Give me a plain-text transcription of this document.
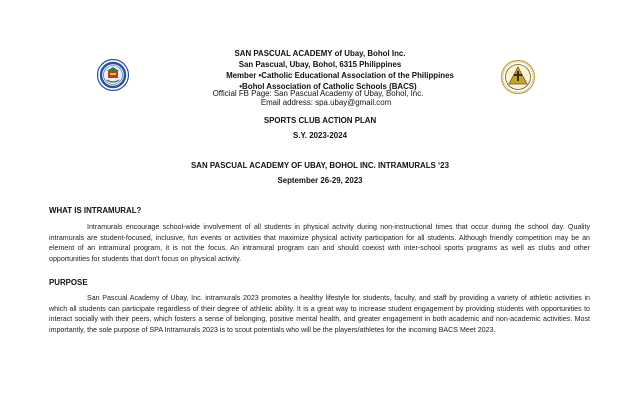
SAN PASCUAL ACADEMY of Ubay, Bohol Inc.
San Pascual, Ubay, Bohol, 6315 Philippines
Member •Catholic Educational Association of the Philippines
•Bohol Association of Catholic Schools (BACS)
Official FB Page: San Pascual Academy of Ubay, Bohol, Inc.
Email address: spa.ubay@gmail.com
SPORTS CLUB ACTION PLAN
S.Y. 2023-2024
SAN PASCUAL ACADEMY OF UBAY, BOHOL INC. INTRAMURALS ‘23
September 26-29, 2023
WHAT IS INTRAMURAL?
Intramurals encourage school-wide involvement of all students in physical activity during non-instructional times that occur during the school day. Quality intramurals are student-focused, inclusive, fun events or activities that maximize physical activity participation for all students. Although friendly competition may be an element of an intramural program, it is not the focus. An intramural program can and should coexist with inter-school sports programs as well as clubs and other opportunities for students that don't focus on physical activity.
PURPOSE
San Pascual Academy of Ubay, Inc. intramurals 2023 promotes a healthy lifestyle for students, faculty, and staff by providing a variety of athletic activities in which all students can participate regardless of their degree of athletic ability. It is a great way to increase student engagement by providing students with opportunities to interact socially with their peers, which fosters a sense of belonging, positive mental health, and greater engagement in both academic and non-academic activities. Most importantly, the sole purpose of SPA Intramurals 2023 is to scout potentials who will be the players/athletes for the incoming BACS Meet 2023.
